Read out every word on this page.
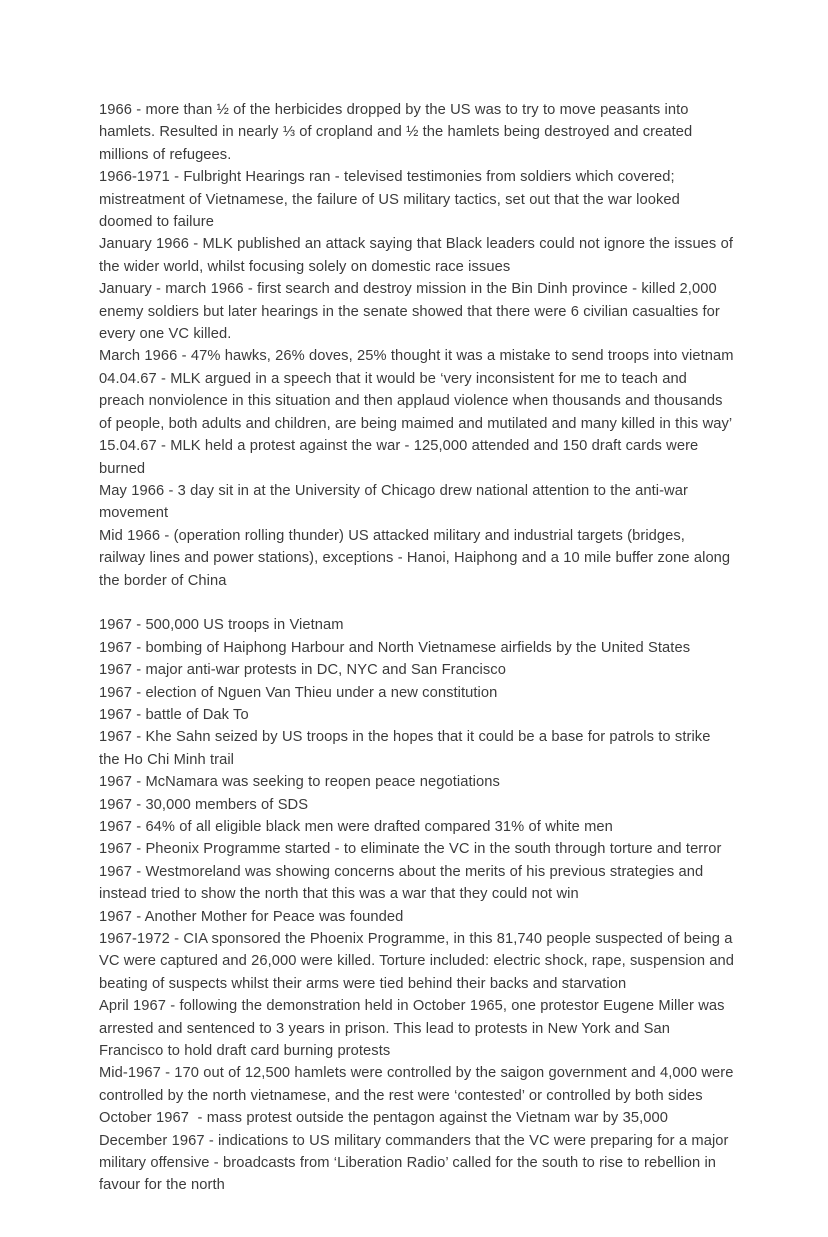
1966 - more than ½ of the herbicides dropped by the US was to try to move peasants into hamlets. Resulted in nearly ⅓ of cropland and ½ the hamlets being destroyed and created millions of refugees.

1966-1971 - Fulbright Hearings ran - televised testimonies from soldiers which covered; mistreatment of Vietnamese, the failure of US military tactics, set out that the war looked doomed to failure

January 1966 - MLK published an attack saying that Black leaders could not ignore the issues of the wider world, whilst focusing solely on domestic race issues

January - march 1966 - first search and destroy mission in the Bin Dinh province - killed 2,000 enemy soldiers but later hearings in the senate showed that there were 6 civilian casualties for every one VC killed.

March 1966 - 47% hawks, 26% doves, 25% thought it was a mistake to send troops into vietnam

04.04.67 - MLK argued in a speech that it would be ‘very inconsistent for me to teach and preach nonviolence in this situation and then applaud violence when thousands and thousands of people, both adults and children, are being maimed and mutilated and many killed in this way’

15.04.67 - MLK held a protest against the war - 125,000 attended and 150 draft cards were burned

May 1966 - 3 day sit in at the University of Chicago drew national attention to the anti-war movement

Mid 1966 - (operation rolling thunder) US attacked military and industrial targets (bridges, railway lines and power stations), exceptions - Hanoi, Haiphong and a 10 mile buffer zone along the border of China

1967 - 500,000 US troops in Vietnam

1967 - bombing of Haiphong Harbour and North Vietnamese airfields by the United States

1967 - major anti-war protests in DC, NYC and San Francisco

1967 - election of Nguen Van Thieu under a new constitution

1967 - battle of Dak To

1967 - Khe Sahn seized by US troops in the hopes that it could be a base for patrols to strike the Ho Chi Minh trail

1967 - McNamara was seeking to reopen peace negotiations

1967 - 30,000 members of SDS

1967 - 64% of all eligible black men were drafted compared 31% of white men

1967 - Pheonix Programme started - to eliminate the VC in the south through torture and terror

1967 - Westmoreland was showing concerns about the merits of his previous strategies and instead tried to show the north that this was a war that they could not win

1967 - Another Mother for Peace was founded

1967-1972 - CIA sponsored the Phoenix Programme, in this 81,740 people suspected of being a VC were captured and 26,000 were killed. Torture included: electric shock, rape, suspension and beating of suspects whilst their arms were tied behind their backs and starvation

April 1967 - following the demonstration held in October 1965, one protestor Eugene Miller was arrested and sentenced to 3 years in prison. This lead to protests in New York and San Francisco to hold draft card burning protests

Mid-1967 - 170 out of 12,500 hamlets were controlled by the saigon government and 4,000 were controlled by the north vietnamese, and the rest were ‘contested’ or controlled by both sides

October 1967  - mass protest outside the pentagon against the Vietnam war by 35,000

December 1967 - indications to US military commanders that the VC were preparing for a major military offensive - broadcasts from ‘Liberation Radio’ called for the south to rise to rebellion in favour for the north
